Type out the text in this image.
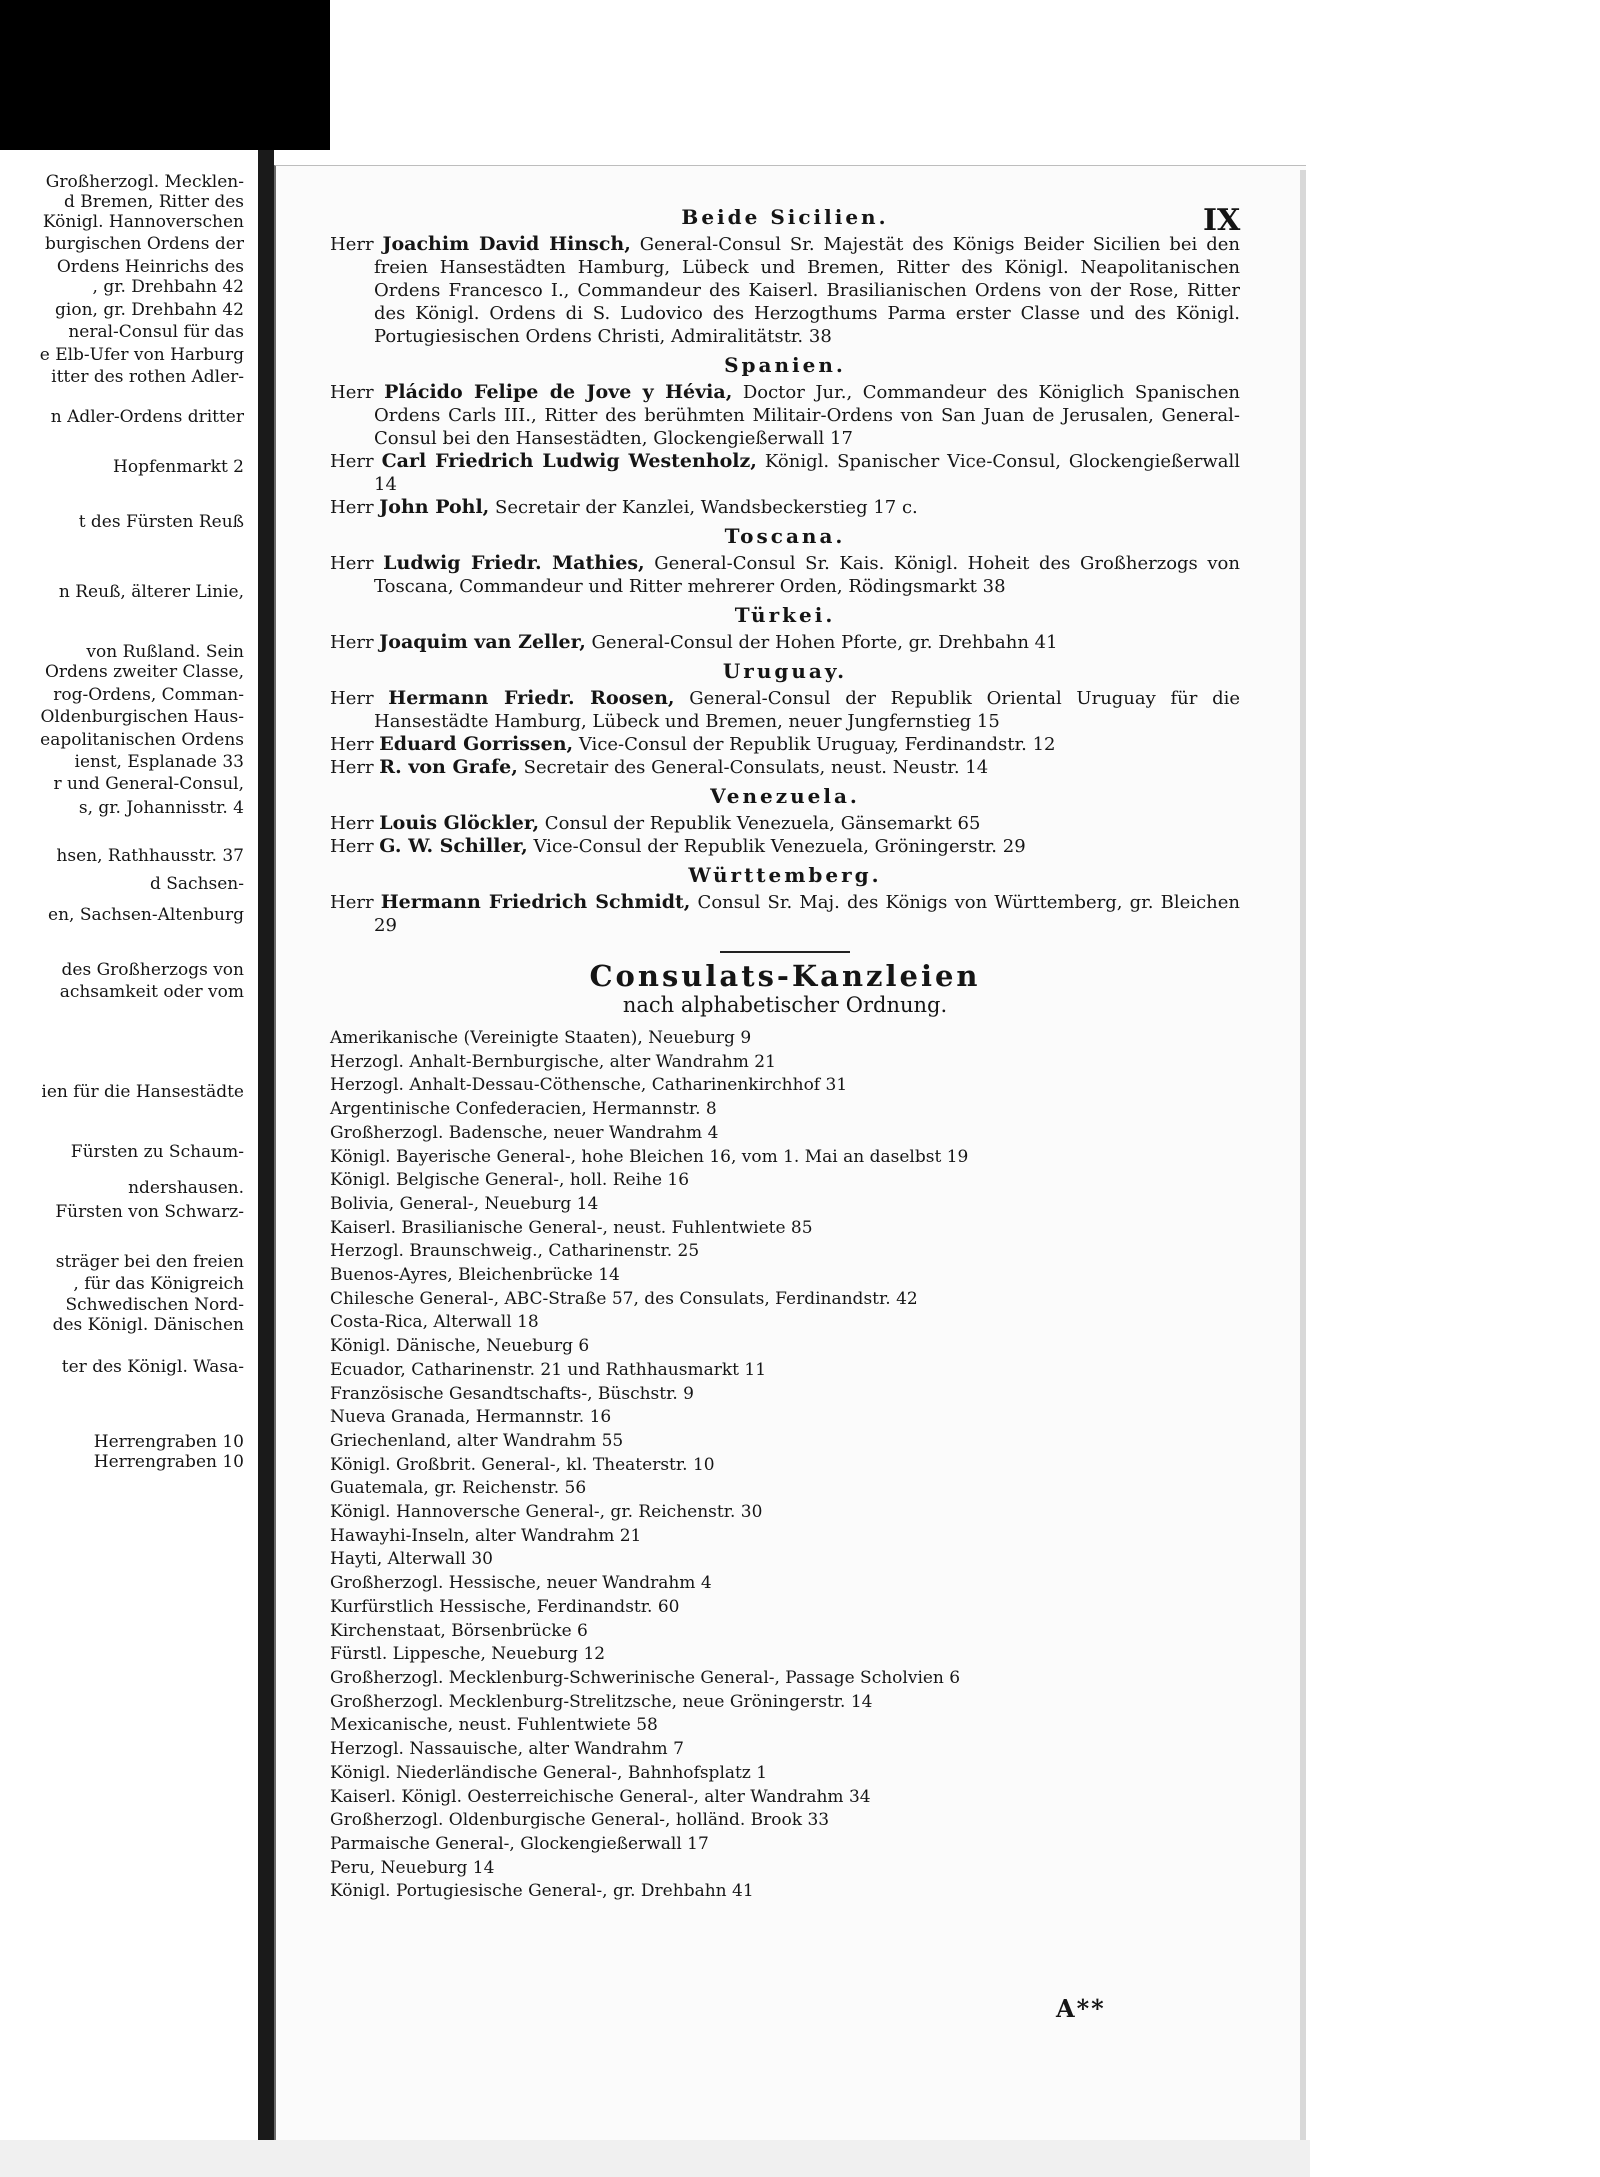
Großherzogl. Mecklen-
d Bremen, Ritter des
Königl. Hannoverschen
burgischen Ordens der
Ordens Heinrichs des
, gr. Drehbahn 42
gion, gr. Drehbahn 42
neral-Consul für das
e Elb-Ufer von Harburg
itter des rothen Adler-
n Adler-Ordens dritter
Hopfenmarkt 2
t des Fürsten Reuß
n Reuß, älterer Linie,
von Rußland. Sein
Ordens zweiter Classe,
rog-Ordens, Comman-
Oldenburgischen Haus-
eapolitanischen Ordens
ienst, Esplanade 33
r und General-Consul,
s, gr. Johannisstr. 4
hsen, Rathhausstr. 37
d Sachsen-
en, Sachsen-Altenburg
des Großherzogs von
achsamkeit oder vom
ien für die Hansestädte
Fürsten zu Schaum-
ndershausen.
Fürsten von Schwarz-
sträger bei den freien
, für das Königreich
Schwedischen Nord-
des Königl. Dänischen
ter des Königl. Wasa-
Herrengraben 10
Herrengraben 10
IX
Beide Sicilien.

Herr Joachim David Hinsch, General-Consul Sr. Majestät des Königs Beider Sicilien bei den freien Hansestädten Hamburg, Lübeck und Bremen, Ritter des Königl. Neapolitanischen Ordens Francesco I., Commandeur des Kaiserl. Brasilianischen Ordens von der Rose, Ritter des Königl. Ordens di S. Ludovico des Herzogthums Parma erster Classe und des Königl. Portugiesischen Ordens Christi, Admiralitätstr. 38

Spanien.

Herr Plácido Felipe de Jove y Hévia, Doctor Jur., Commandeur des Königlich Spanischen Ordens Carls III., Ritter des berühmten Militair-Ordens von San Juan de Jerusalen, General-Consul bei den Hansestädten, Glockengießerwall 17

Herr Carl Friedrich Ludwig Westenholz, Königl. Spanischer Vice-Consul, Glockengießerwall 14

Herr John Pohl, Secretair der Kanzlei, Wandsbeckerstieg 17 c.

Toscana.

Herr Ludwig Friedr. Mathies, General-Consul Sr. Kais. Königl. Hoheit des Großherzogs von Toscana, Commandeur und Ritter mehrerer Orden, Rödingsmarkt 38

Türkei.

Herr Joaquim van Zeller, General-Consul der Hohen Pforte, gr. Drehbahn 41

Uruguay.

Herr Hermann Friedr. Roosen, General-Consul der Republik Oriental Uruguay für die Hansestädte Hamburg, Lübeck und Bremen, neuer Jungfernstieg 15

Herr Eduard Gorrissen, Vice-Consul der Republik Uruguay, Ferdinandstr. 12

Herr R. von Grafe, Secretair des General-Consulats, neust. Neustr. 14

Venezuela.

Herr Louis Glöckler, Consul der Republik Venezuela, Gänsemarkt 65

Herr G. W. Schiller, Vice-Consul der Republik Venezuela, Gröningerstr. 29

Württemberg.

Herr Hermann Friedrich Schmidt, Consul Sr. Maj. des Königs von Württemberg, gr. Bleichen 29

Consulats-Kanzleien
nach alphabetischer Ordnung.
Amerikanische (Vereinigte Staaten), Neueburg 9
Herzogl. Anhalt-Bernburgische, alter Wandrahm 21
Herzogl. Anhalt-Dessau-Cöthensche, Catharinenkirchhof 31
Argentinische Confederacien, Hermannstr. 8
Großherzogl. Badensche, neuer Wandrahm 4
Königl. Bayerische General-, hohe Bleichen 16, vom 1. Mai an daselbst 19
Königl. Belgische General-, holl. Reihe 16
Bolivia, General-, Neueburg 14
Kaiserl. Brasilianische General-, neust. Fuhlentwiete 85
Herzogl. Braunschweig., Catharinenstr. 25
Buenos-Ayres, Bleichenbrücke 14
Chilesche General-, ABC-Straße 57, des Consulats, Ferdinandstr. 42
Costa-Rica, Alterwall 18
Königl. Dänische, Neueburg 6
Ecuador, Catharinenstr. 21 und Rathhausmarkt 11
Französische Gesandtschafts-, Büschstr. 9
Nueva Granada, Hermannstr. 16
Griechenland, alter Wandrahm 55
Königl. Großbrit. General-, kl. Theaterstr. 10
Guatemala, gr. Reichenstr. 56
Königl. Hannoversche General-, gr. Reichenstr. 30
Hawayhi-Inseln, alter Wandrahm 21
Hayti, Alterwall 30
Großherzogl. Hessische, neuer Wandrahm 4
Kurfürstlich Hessische, Ferdinandstr. 60
Kirchenstaat, Börsenbrücke 6
Fürstl. Lippesche, Neueburg 12
Großherzogl. Mecklenburg-Schwerinische General-, Passage Scholvien 6
Großherzogl. Mecklenburg-Strelitzsche, neue Gröningerstr. 14
Mexicanische, neust. Fuhlentwiete 58
Herzogl. Nassauische, alter Wandrahm 7
Königl. Niederländische General-, Bahnhofsplatz 1
Kaiserl. Königl. Oesterreichische General-, alter Wandrahm 34
Großherzogl. Oldenburgische General-, holländ. Brook 33
Parmaische General-, Glockengießerwall 17
Peru, Neueburg 14
Königl. Portugiesische General-, gr. Drehbahn 41
A**
